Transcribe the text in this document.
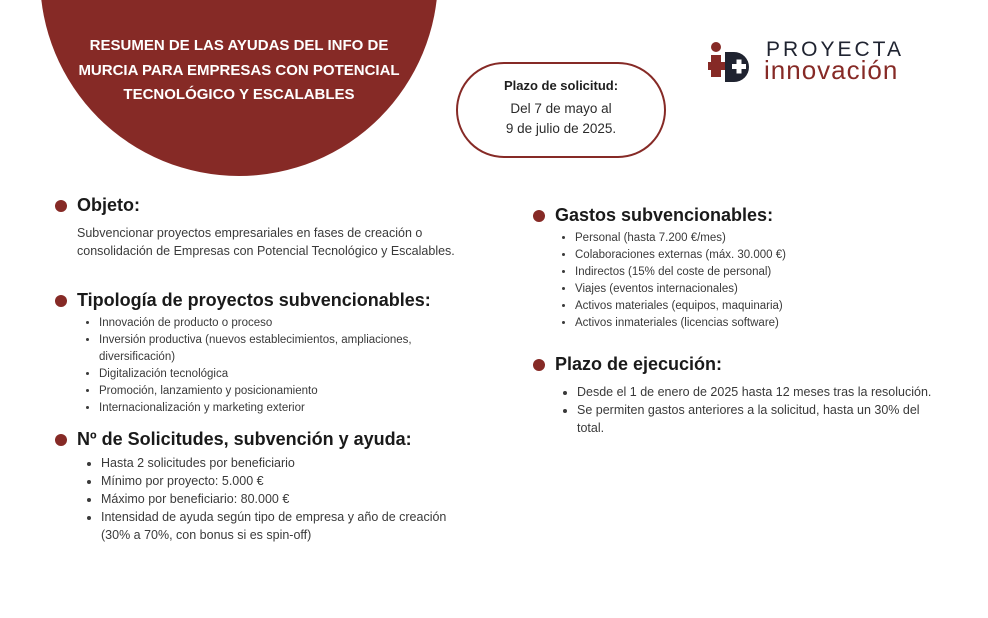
RESUMEN DE LAS AYUDAS DEL INFO DE MURCIA PARA EMPRESAS CON POTENCIAL TECNOLÓGICO Y ESCALABLES

Plazo de solicitud:
Del 7 de mayo al
9 de julio de 2025.
PROYECTA
innovación
Objeto:

Subvencionar proyectos empresariales en fases de creación o consolidación de Empresas con Potencial Tecnológico y Escalables.

Tipología de proyectos subvencionables:
• Innovación de producto o proceso
• Inversión productiva (nuevos establecimientos, ampliaciones, diversificación)
• Digitalización tecnológica
• Promoción, lanzamiento y posicionamiento
• Internacionalización y marketing exterior
Nº de Solicitudes, subvención y ayuda:
• Hasta 2 solicitudes por beneficiario
• Mínimo por proyecto: 5.000 €
• Máximo por beneficiario: 80.000 €
• Intensidad de ayuda según tipo de empresa y año de creación (30% a 70%, con bonus si es spin-off)
Gastos subvencionables:
• Personal (hasta 7.200 €/mes)
• Colaboraciones externas (máx. 30.000 €)
• Indirectos (15% del coste de personal)
• Viajes (eventos internacionales)
• Activos materiales (equipos, maquinaria)
• Activos inmateriales (licencias software)
Plazo de ejecución:
• Desde el 1 de enero de 2025 hasta 12 meses tras la resolución.
• Se permiten gastos anteriores a la solicitud, hasta un 30% del total.
